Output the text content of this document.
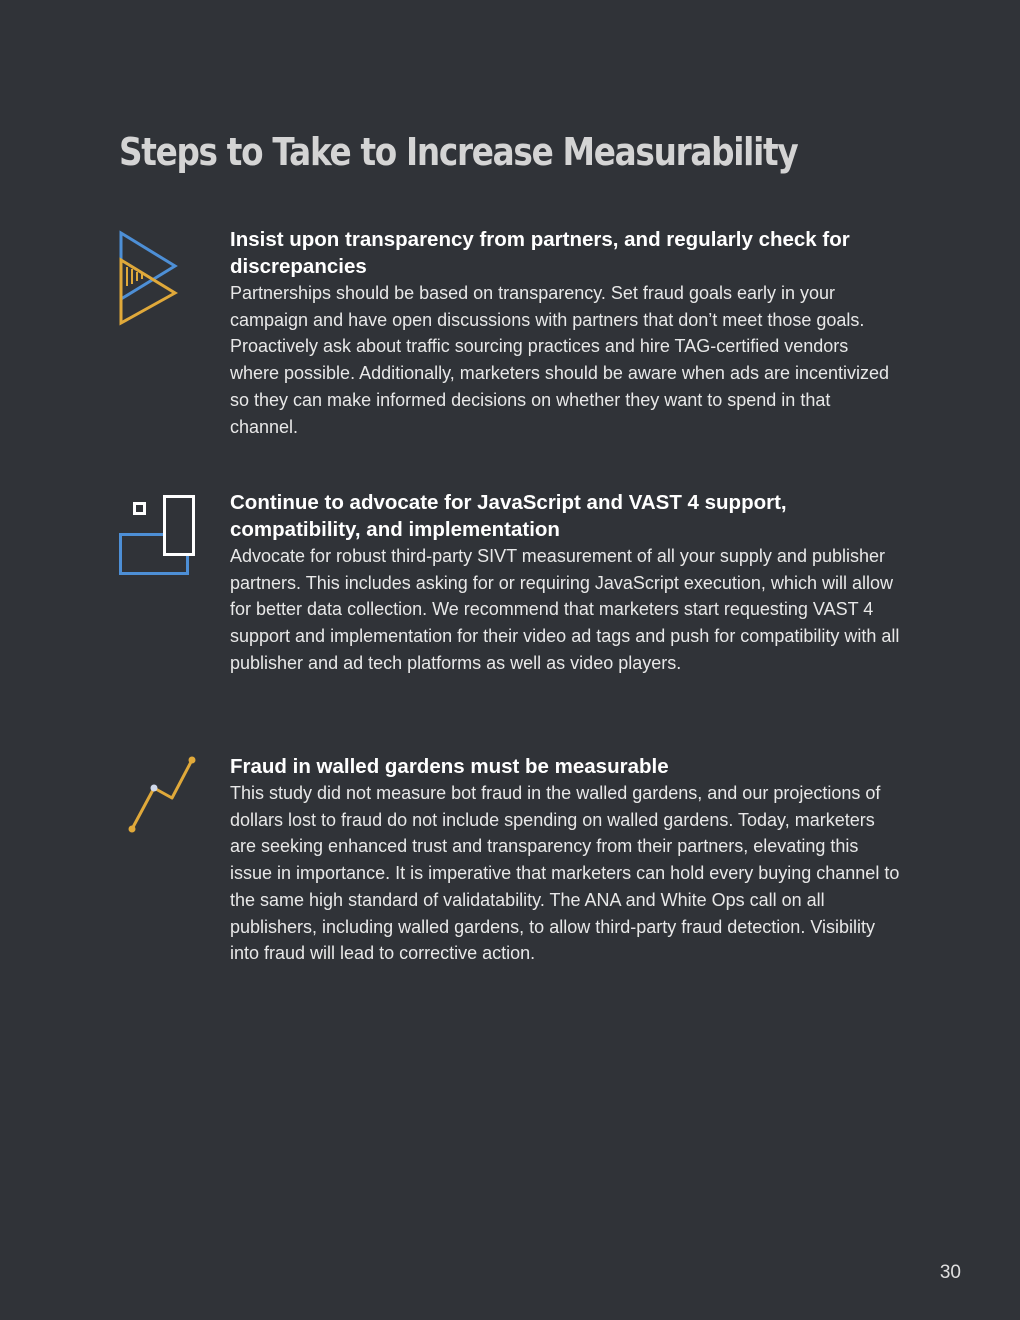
Steps to Take to Increase Measurability

Insist upon transparency from partners, and regularly check for discrepancies

Partnerships should be based on transparency. Set fraud goals early in your campaign and have open discussions with partners that don’t meet those goals. Proactively ask about traffic sourcing practices and hire TAG-certified vendors where possible. Additionally, marketers should be aware when ads are incentivized so they can make informed decisions on whether they want to spend in that channel.

Continue to advocate for JavaScript and VAST 4 support, compatibility, and implementation

Advocate for robust third-party SIVT measurement of all your supply and publisher partners. This includes asking for or requiring JavaScript execution, which will allow for better data collection. We recommend that marketers start requesting VAST 4 support and implementation for their video ad tags and push for compatibility with all publisher and ad tech platforms as well as video players.

Fraud in walled gardens must be measurable

This study did not measure bot fraud in the walled gardens, and our projections of dollars lost to fraud do not include spending on walled gardens. Today, marketers are seeking enhanced trust and transparency from their partners, elevating this issue in importance. It is imperative that marketers can hold every buying channel to the same high standard of validatability. The ANA and White Ops call on all publishers, including walled gardens, to allow third-party fraud detection. Visibility into fraud will lead to corrective action.

30
